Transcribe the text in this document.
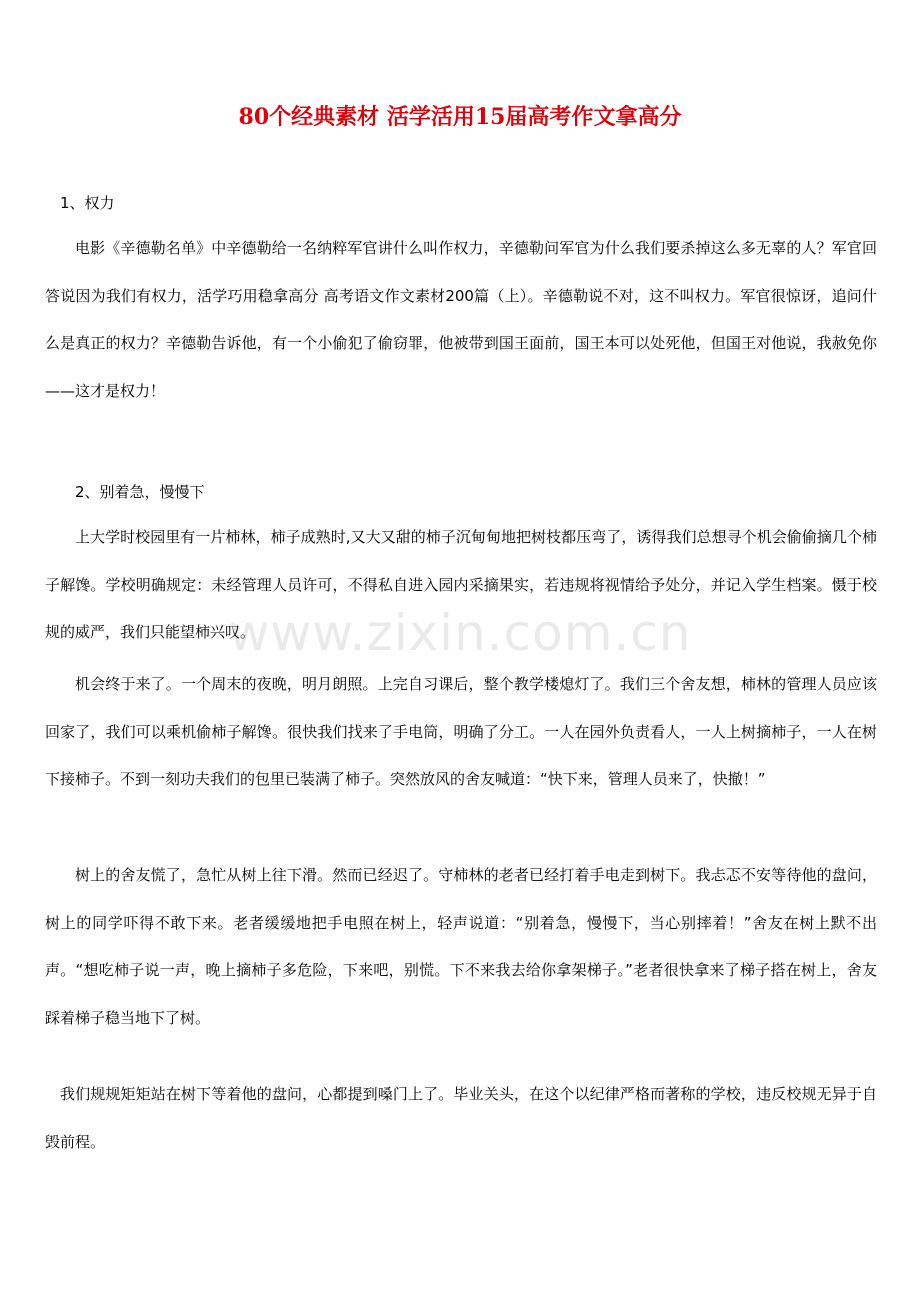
80个经典素材 活学活用15届高考作文拿高分
1、权力

电影《辛德勒名单》中辛德勒给一名纳粹军官讲什么叫作权力，辛德勒问军官为什么我们要杀掉这么多无辜的人？军官回答说因为我们有权力，活学巧用稳拿高分 高考语文作文素材200篇（上）。辛德勒说不对，这不叫权力。军官很惊讶，追问什么是真正的权力？辛德勒告诉他，有一个小偷犯了偷窃罪，他被带到国王面前，国王本可以处死他，但国王对他说，我赦免你——这才是权力！

2、别着急，慢慢下

上大学时校园里有一片柿林，柿子成熟时,又大又甜的柿子沉甸甸地把树枝都压弯了，诱得我们总想寻个机会偷偷摘几个柿子解馋。学校明确规定：未经管理人员许可，不得私自进入园内采摘果实，若违规将视情给予处分，并记入学生档案。慑于校规的威严，我们只能望柿兴叹。

机会终于来了。一个周末的夜晚，明月朗照。上完自习课后，整个教学楼熄灯了。我们三个舍友想，柿林的管理人员应该回家了，我们可以乘机偷柿子解馋。很快我们找来了手电筒，明确了分工。一人在园外负责看人，一人上树摘柿子，一人在树下接柿子。不到一刻功夫我们的包里已装满了柿子。突然放风的舍友喊道：“快下来，管理人员来了，快撤！”

树上的舍友慌了，急忙从树上往下滑。然而已经迟了。守柿林的老者已经打着手电走到树下。我忐忑不安等待他的盘问，树上的同学吓得不敢下来。老者缓缓地把手电照在树上，轻声说道：“别着急，慢慢下，当心别摔着！”舍友在树上默不出声。“想吃柿子说一声，晚上摘柿子多危险，下来吧，别慌。下不来我去给你拿架梯子。”老者很快拿来了梯子搭在树上，舍友踩着梯子稳当地下了树。

我们规规矩矩站在树下等着他的盘问，心都提到嗓门上了。毕业关头，在这个以纪律严格而著称的学校，违反校规无异于自毁前程。

www.zixin.com.cn
